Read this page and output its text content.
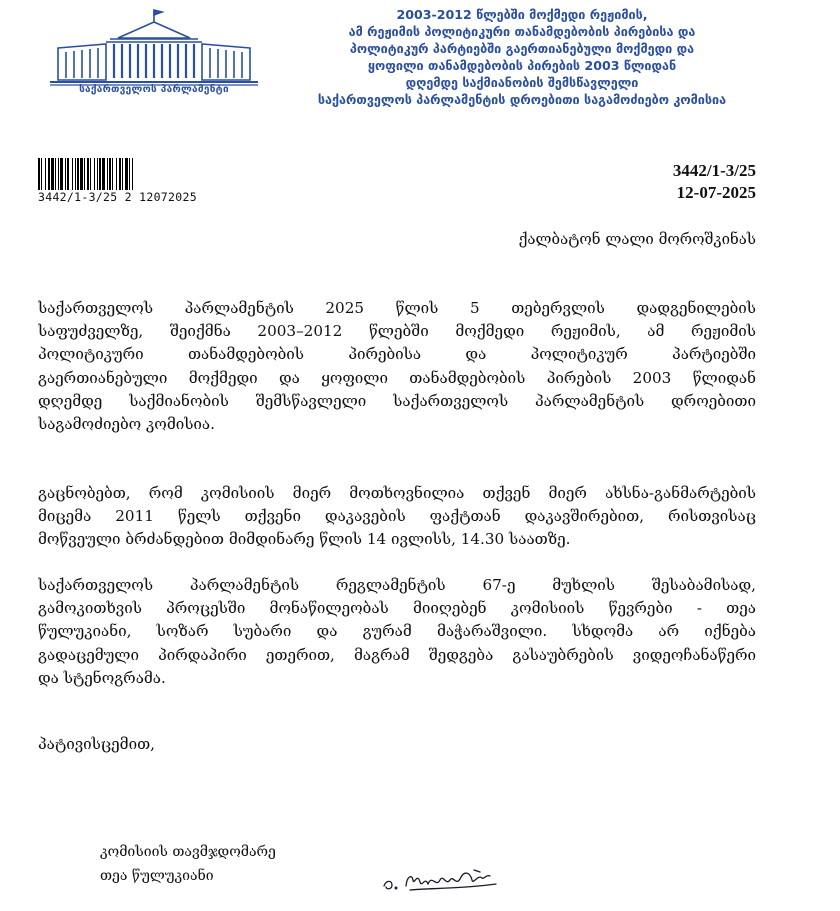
საქართველოს პარლამენტი
2003-2012 წლებში მოქმედი რეჟიმის,
ამ რეჟიმის პოლიტიკური თანამდებობის პირებისა და
პოლიტიკურ პარტიებში გაერთიანებული მოქმედი და
ყოფილი თანამდებობის პირების 2003 წლიდან
დღემდე საქმიანობის შემსწავლელი
საქართველოს პარლამენტის დროებითი საგამოძიებო კომისია
3442/1-3/25 2 12072025
3442/1-3/25
12-07-2025
ქალბატონ ლალი მოროშკინას
საქართველოს პარლამენტის 2025 წლის 5 თებერვლის დადგენილების
საფუძველზე, შეიქმნა 2003–2012 წლებში მოქმედი რეჟიმის, ამ რეჟიმის
პოლიტიკური თანამდებობის პირებისა და პოლიტიკურ პარტიებში
გაერთიანებული მოქმედი და ყოფილი თანამდებობის პირების 2003 წლიდან
დღემდე საქმიანობის შემსწავლელი საქართველოს პარლამენტის დროებითი
საგამოძიებო კომისია.
გაცნობებთ, რომ კომისიის მიერ მოთხოვნილია თქვენ მიერ ახსნა-განმარტების
მიცემა 2011 წელს თქვენი დაკავების ფაქტთან დაკავშირებით, რისთვისაც
მოწვეული ბრძანდებით მიმდინარე წლის 14 ივლისს, 14.30 საათზე.
საქართველოს პარლამენტის რეგლამენტის 67-ე მუხლის შესაბამისად,
გამოკითხვის პროცესში მონაწილეობას მიიღებენ კომისიის წევრები - თეა
წულუკიანი, სოზარ სუბარი და გურამ მაჭარაშვილი. სხდომა არ იქნება
გადაცემული პირდაპირი ეთერით, მაგრამ შედგება გასაუბრების ვიდეოჩანაწერი
და სტენოგრამა.
პატივისცემით,
კომისიის თავმჯდომარე
თეა წულუკიანი
